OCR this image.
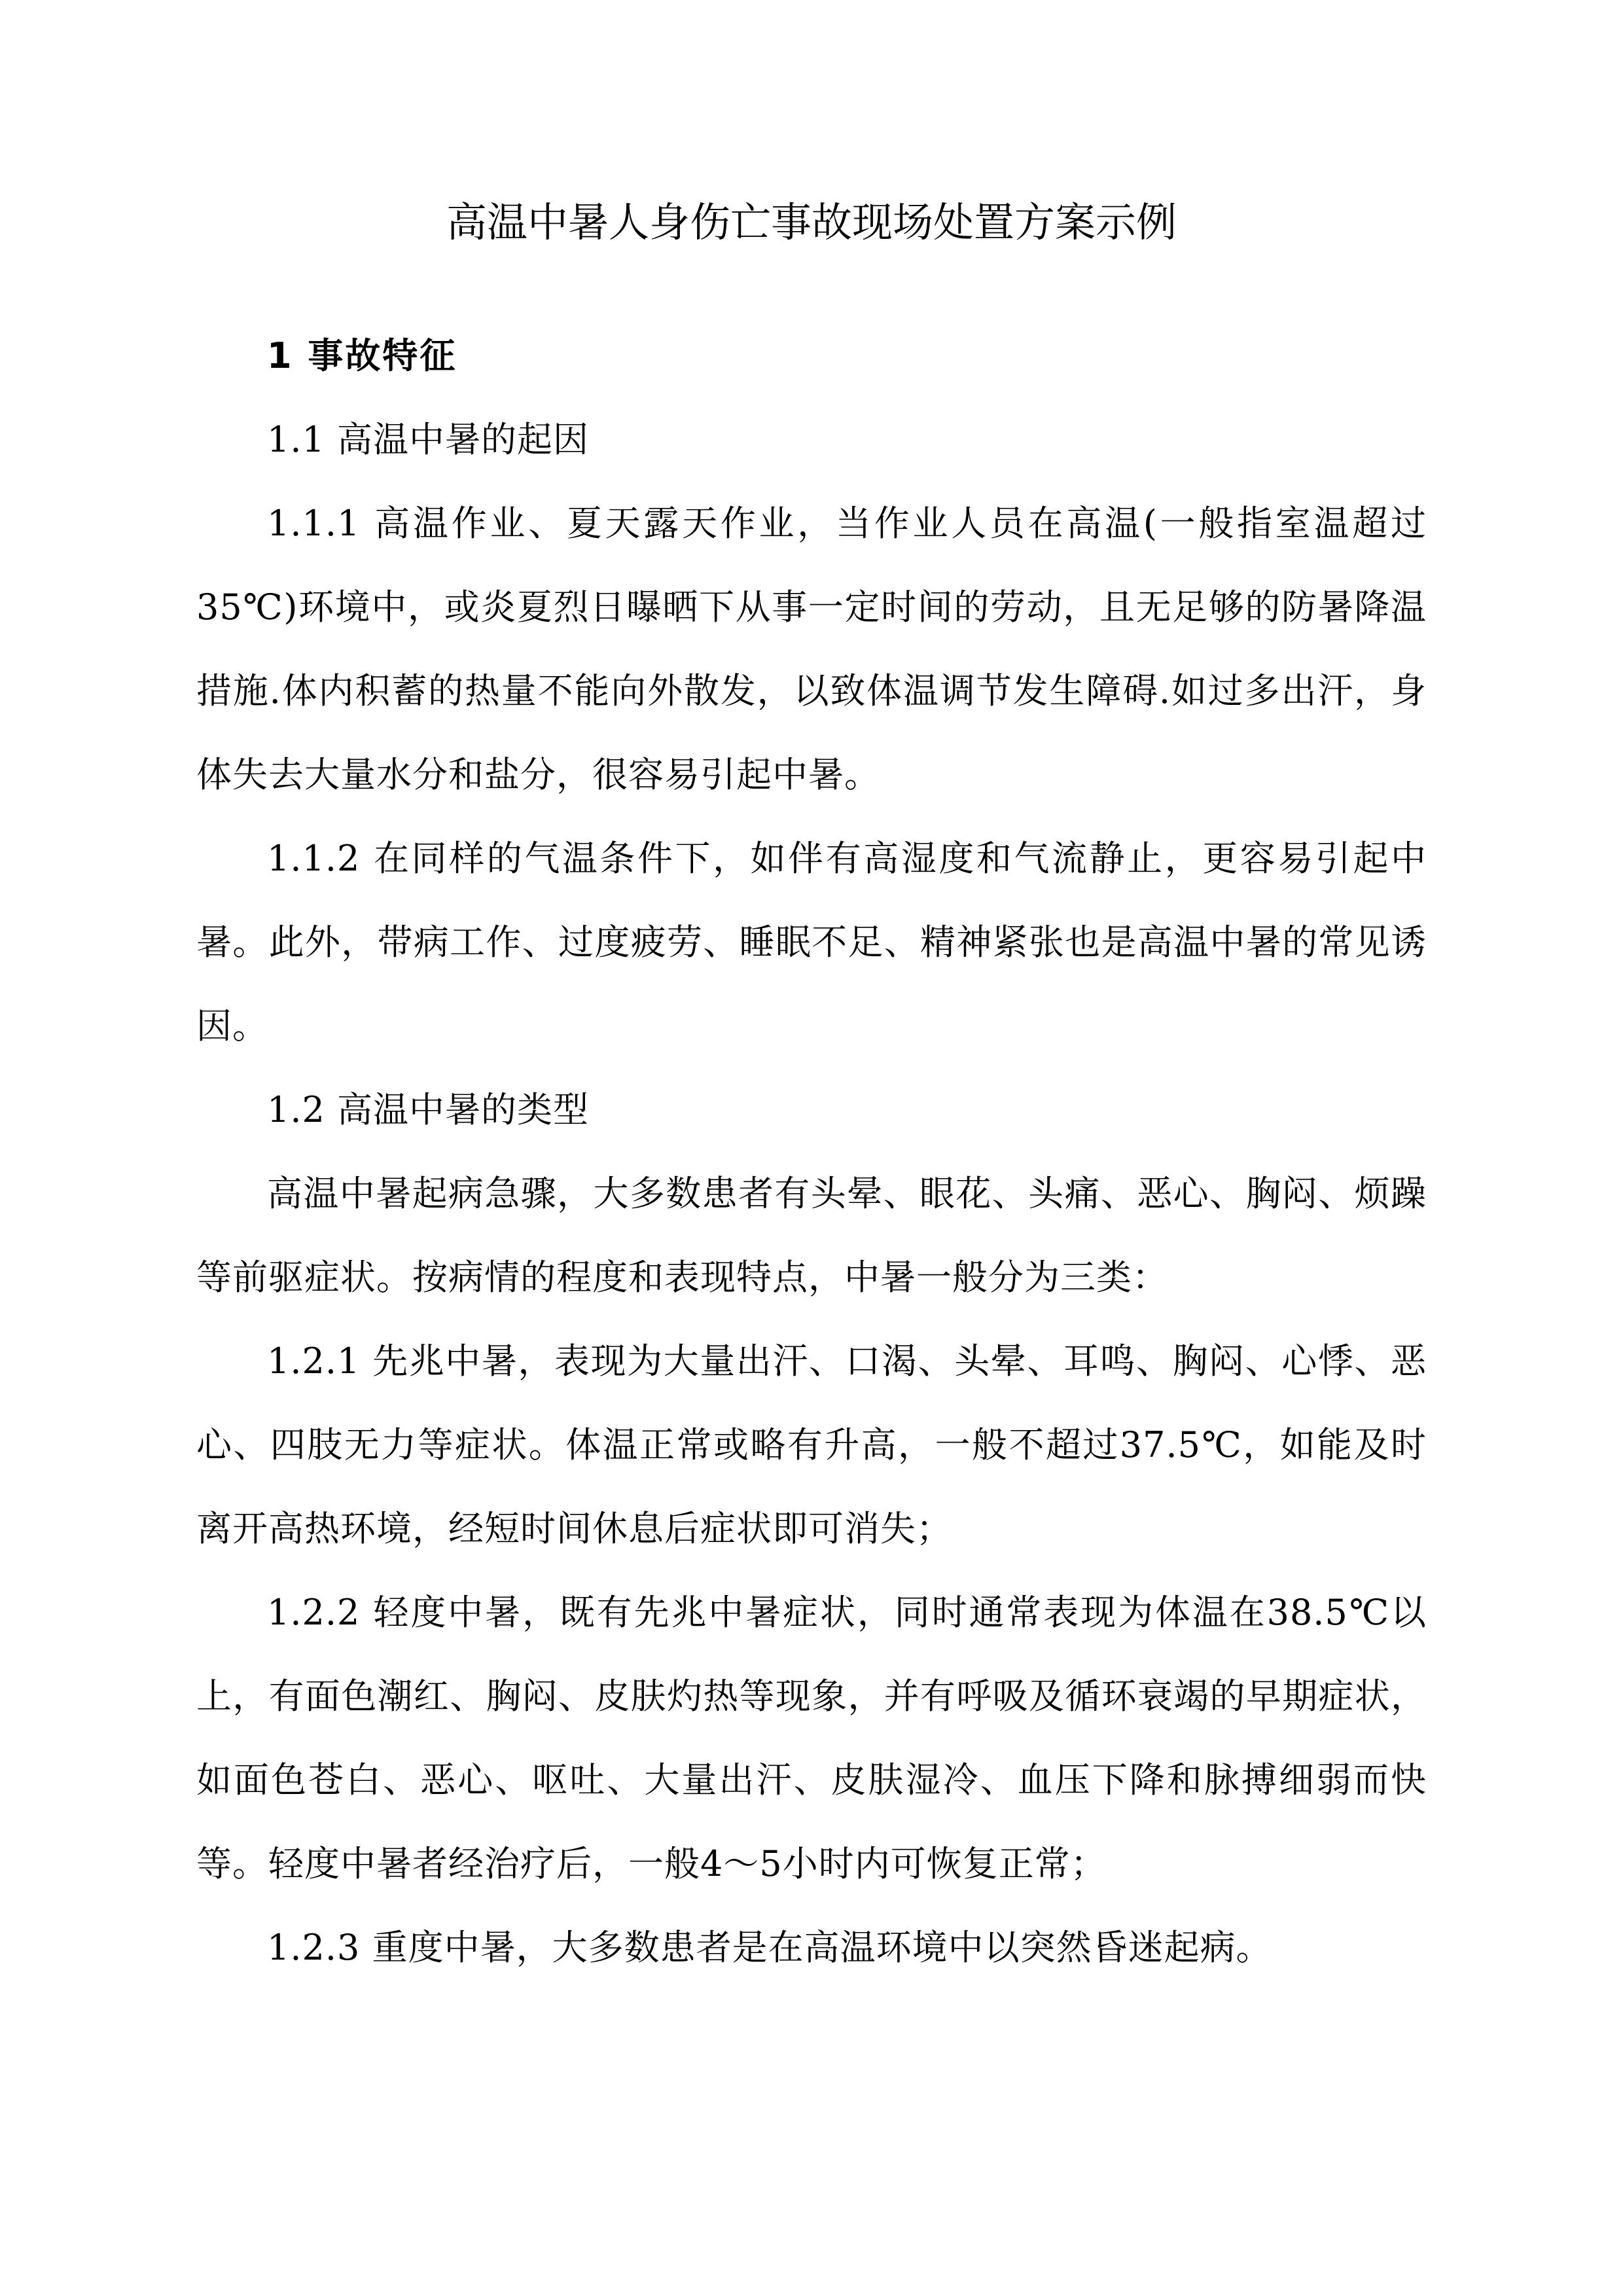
高温中暑人身伤亡事故现场处置方案示例

1 事故特征

1.1 高温中暑的起因

1.1.1 高温作业、夏天露天作业，当作业人员在高温(一般指室温超过35℃)环境中，或炎夏烈日曝晒下从事一定时间的劳动，且无足够的防暑降温措施.体内积蓄的热量不能向外散发，以致体温调节发生障碍.如过多出汗，身体失去大量水分和盐分，很容易引起中暑。

1.1.2 在同样的气温条件下，如伴有高湿度和气流静止，更容易引起中暑。此外，带病工作、过度疲劳、睡眠不足、精神紧张也是高温中暑的常见诱因。

1.2 高温中暑的类型

高温中暑起病急骤，大多数患者有头晕、眼花、头痛、恶心、胸闷、烦躁等前驱症状。按病情的程度和表现特点，中暑一般分为三类：

1.2.1 先兆中暑，表现为大量出汗、口渴、头晕、耳鸣、胸闷、心悸、恶心、四肢无力等症状。体温正常或略有升高，一般不超过37.5℃，如能及时离开高热环境，经短时间休息后症状即可消失；

1.2.2 轻度中暑，既有先兆中暑症状，同时通常表现为体温在38.5℃以上，有面色潮红、胸闷、皮肤灼热等现象，并有呼吸及循环衰竭的早期症状，如面色苍白、恶心、呕吐、大量出汗、皮肤湿冷、血压下降和脉搏细弱而快等。轻度中暑者经治疗后，一般4～5小时内可恢复正常；

1.2.3 重度中暑，大多数患者是在高温环境中以突然昏迷起病。
